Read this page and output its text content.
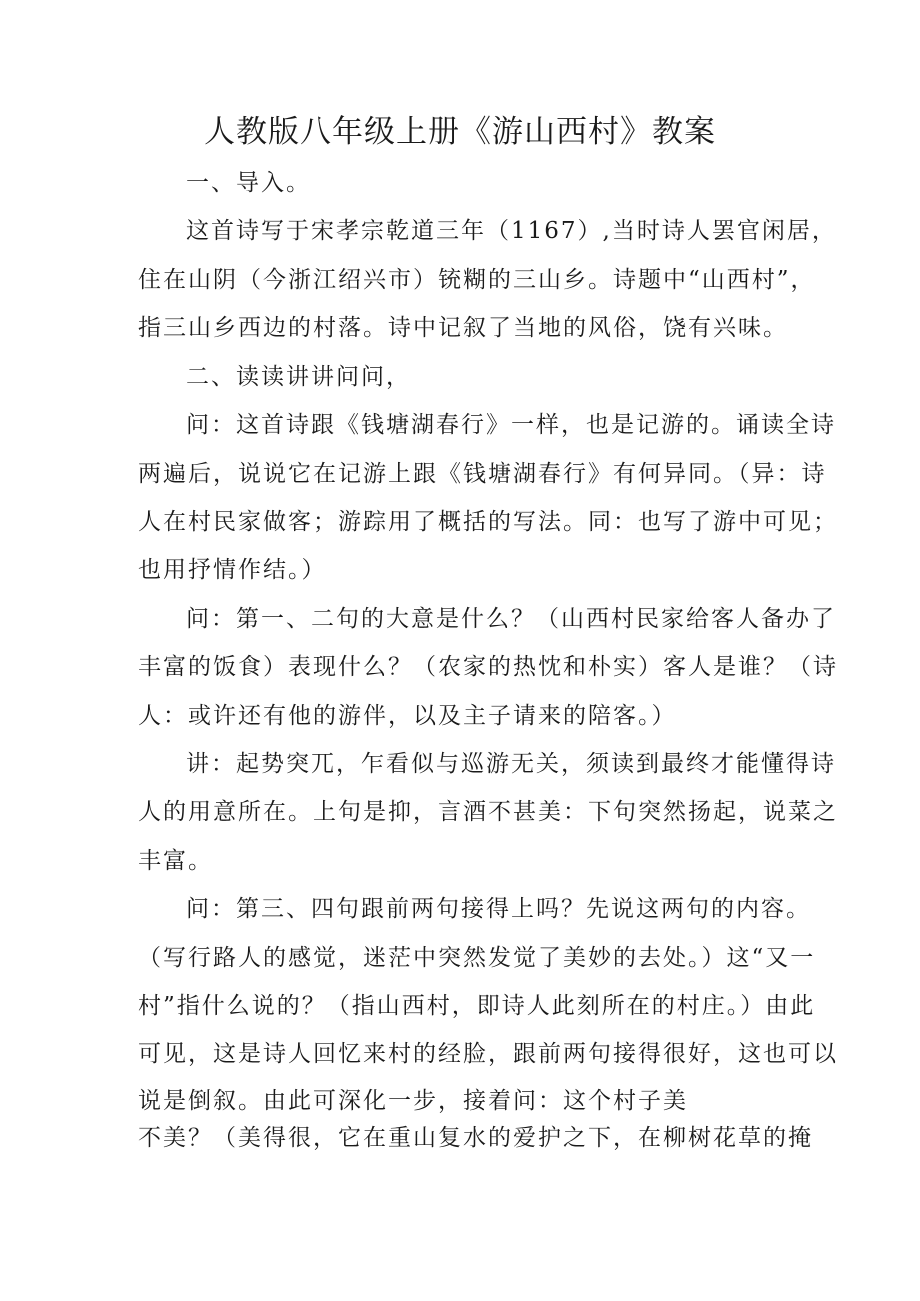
人教版八年级上册《游山西村》教案

一、导入。

这首诗写于宋孝宗乾道三年（1167）,当时诗人罢官闲居，

住在山阴（今浙江绍兴市）铳糊的三山乡。诗题中“山西村”，

指三山乡西边的村落。诗中记叙了当地的风俗，饶有兴味。

二、读读讲讲问问，

问：这首诗跟《钱塘湖春行》一样，也是记游的。诵读全诗

两遍后，说说它在记游上跟《钱塘湖春行》有何异同。（异：诗

人在村民家做客；游踪用了概括的写法。同：也写了游中可见；

也用抒情作结。）

问：第一、二句的大意是什么？（山西村民家给客人备办了

丰富的饭食）表现什么？（农家的热忱和朴实）客人是谁？（诗

人：或许还有他的游伴，以及主子请来的陪客。）

讲：起势突兀，乍看似与巡游无关，须读到最终才能懂得诗

人的用意所在。上句是抑，言酒不甚美：下句突然扬起，说菜之

丰富。

问：第三、四句跟前两句接得上吗？先说这两句的内容。

（写行路人的感觉，迷茫中突然发觉了美妙的去处。）这“又一

村”指什么说的？（指山西村，即诗人此刻所在的村庄。）由此

可见，这是诗人回忆来村的经脸，跟前两句接得很好，这也可以

说是倒叙。由此可深化一步，接着问：这个村子美

不美？（美得很，它在重山复水的爱护之下，在柳树花草的掩
